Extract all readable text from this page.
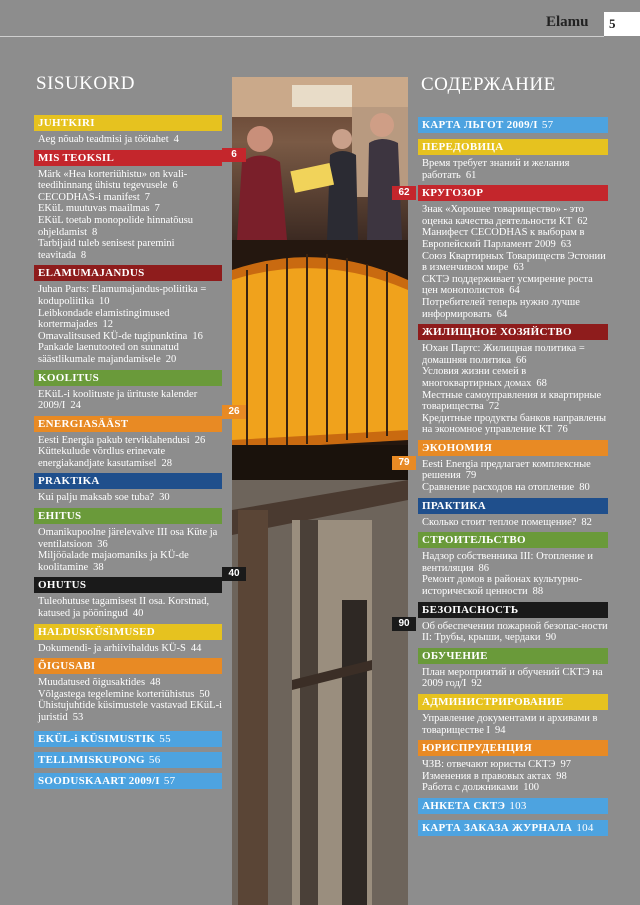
Elamu	5
SISUKORD	СОДЕРЖАНИЕ
JUHTKIRI
Aeg nõuab teadmisi ja töötahet 4
MIS TEOKSIL
Märk «Hea korteriühistu» on kvali-teedihinnang ühistu tegevusele 6
CECODHAS-i manifest 7
EKüL muutuvas maailmas 7
EKüL toetab monopolide hinnatõusu ohjeldamist 8
Tarbijaid tuleb senisest paremini teavitada 8
ELAMUMAJANDUS
Juhan Parts: Elamumajandus-poliitika = kodupoliitika 10
Leibkondade elamistingimused kortermajades 12
Omavalitsused KÜ-de tugipunktina 16
Pankade laenutooted on suunatud säästlikumale majandamisele 20
KOOLITUS
EKüL-i koolituste ja ürituste kalender 2009/I 24
ENERGIASÄÄST
Eesti Energia pakub terviklahendusi 26
Küttekulude võrdlus erinevate energiakandjate kasutamisel 28
PRAKTIKA
Kui palju maksab soe tuba? 30
EHITUS
Omanikupoolne järelevalve III osa Küte ja ventilatsioon 36
Miljööalade majaomaniks ja KÜ-de koolitamine 38
OHUTUS
Tuleohutuse tagamisest II osa. Korstnad, katused ja pööningud 40
HALDUSKÜSIMUSED
Dokumendi- ja arhiivihaldus KÜ-S 44
ÕIGUSABI
Muudatused õigusaktides 48
Võlgastega tegelemine korteriühistus 50
Ühistujuhtide küsimustele vastavad EKüL-i juristid 53
EKÜL-i KÜSIMUSTIK 55
TELLIMISKUPONG 56
SOODUSKAART 2009/I 57
КАРТА ЛЬГОТ 2009/I 57
ПЕРЕДОВИЦА
Время требует знаний и желания работать 61
КРУГОЗОР
Знак «Хорошее товарищество» - это оценка качества деятельности КТ 62
Манифест CECODHAS к выборам в Европейский Парламент 2009 63
Союз Квартирных Товариществ Эстонии в изменчивом мире 63
СКТЭ поддерживает усмирение роста цен монополистов 64
Потребителей теперь нужно лучше информировать 64
ЖИЛИЩНОЕ ХОЗЯЙСТВО
Юхан Партс: Жилищная политика = домашняя политика 66
Условия жизни семей в многоквартирных домах 68
Местные самоуправления и квартирные товарищества 72
Кредитные продукты банков направлены на экономное управление КТ 76
ЭКОНОМИЯ
Eesti Energia предлагает комплексные решения 79
Сравнение расходов на отопление 80
ПРАКТИКА
Сколько стоит теплое помещение? 82
СТРОИТЕЛЬСТВО
Надзор собственника III: Отопление и вентиляция 86
Ремонт домов в районах культурно-исторической ценности 88
БЕЗОПАСНОСТЬ
Об обеспечении пожарной безопас-ности II: Трубы, крыши, чердаки 90
ОБУЧЕНИЕ
План мероприятий и обучений СКТЭ на 2009 год/I 92
АДМИНИСТРИРОВАНИЕ
Управление документами и архивами в товариществе I 94
ЮРИСПРУДЕНЦИЯ
ЧЗВ: отвечают юристы СКТЭ 97
Изменения в правовых актах 98
Работа с должниками 100
АНКЕТА СКТЭ 103
КАРТА ЗАКАЗА ЖУРНАЛА 104
6
62
26
79
40
90
